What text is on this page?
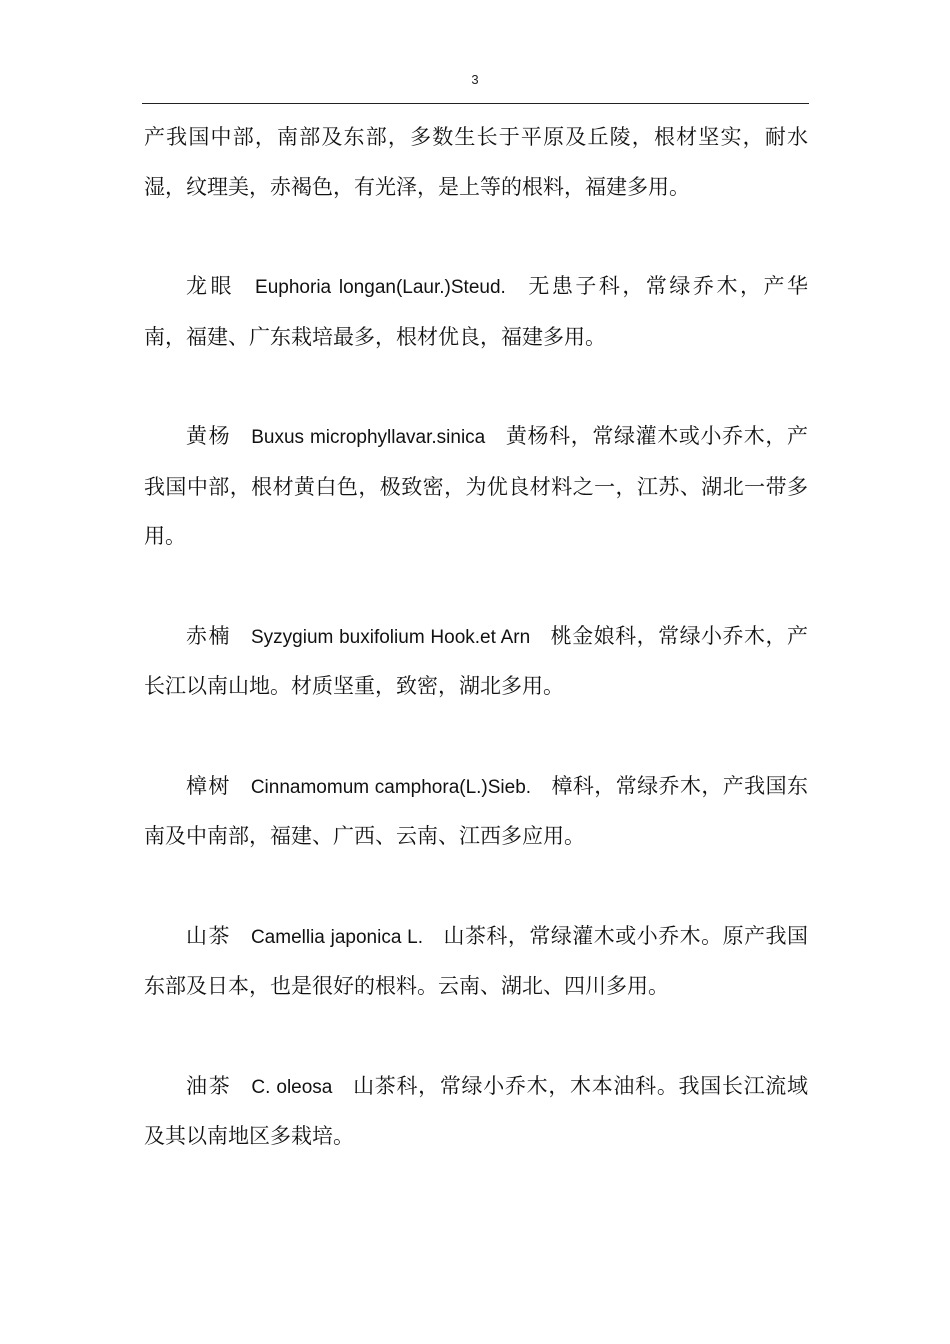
3

产我国中部，南部及东部，多数生长于平原及丘陵，根材坚实，耐水湿，纹理美，赤褐色，有光泽，是上等的根料，福建多用。

龙眼 Euphoria longan(Laur.)Steud. 无患子科，常绿乔木，产华南，福建、广东栽培最多，根材优良，福建多用。

黄杨 Buxus microphyllavar.sinica 黄杨科，常绿灌木或小乔木，产我国中部，根材黄白色，极致密，为优良材料之一，江苏、湖北一带多用。

赤楠 Syzygium buxifolium Hook.et Arn 桃金娘科，常绿小乔木，产长江以南山地。材质坚重，致密，湖北多用。

樟树 Cinnamomum camphora(L.)Sieb. 樟科，常绿乔木，产我国东南及中南部，福建、广西、云南、江西多应用。

山茶 Camellia japonica L. 山茶科，常绿灌木或小乔木。原产我国东部及日本，也是很好的根料。云南、湖北、四川多用。

油茶 C. oleosa 山茶科，常绿小乔木，木本油科。我国长江流域及其以南地区多栽培。
